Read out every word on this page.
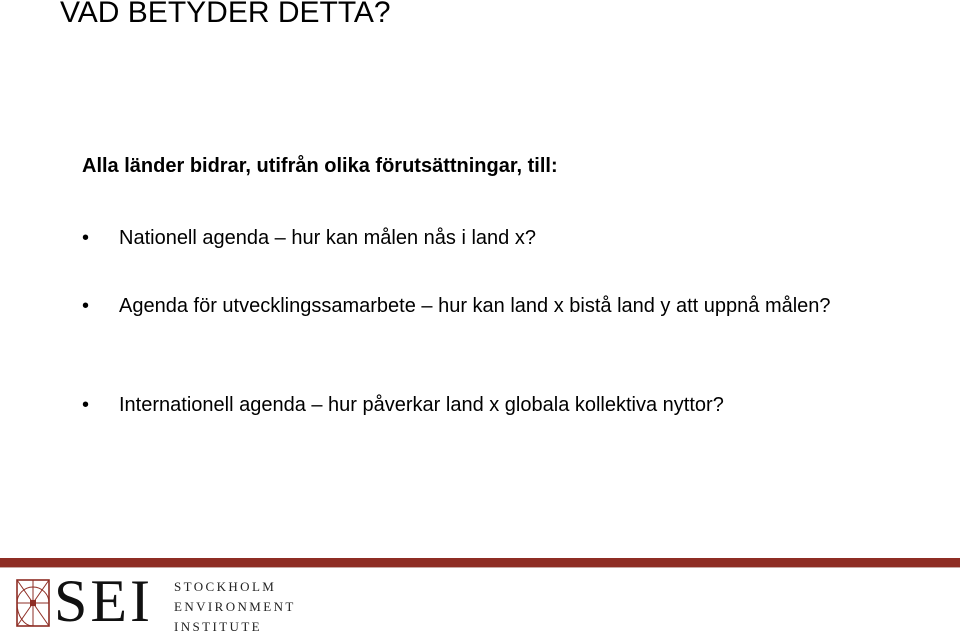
VAD BETYDER DETTA?
Alla länder bidrar, utifrån olika förutsättningar, till:
•	Nationell agenda – hur kan målen nås i land x?
•	Agenda för utvecklingssamarbete – hur kan land x bistå land y att uppnå målen?
•	Internationell agenda – hur påverkar land x globala kollektiva nyttor?
SEI STOCKHOLM
ENVIRONMENT
INSTITUTE
